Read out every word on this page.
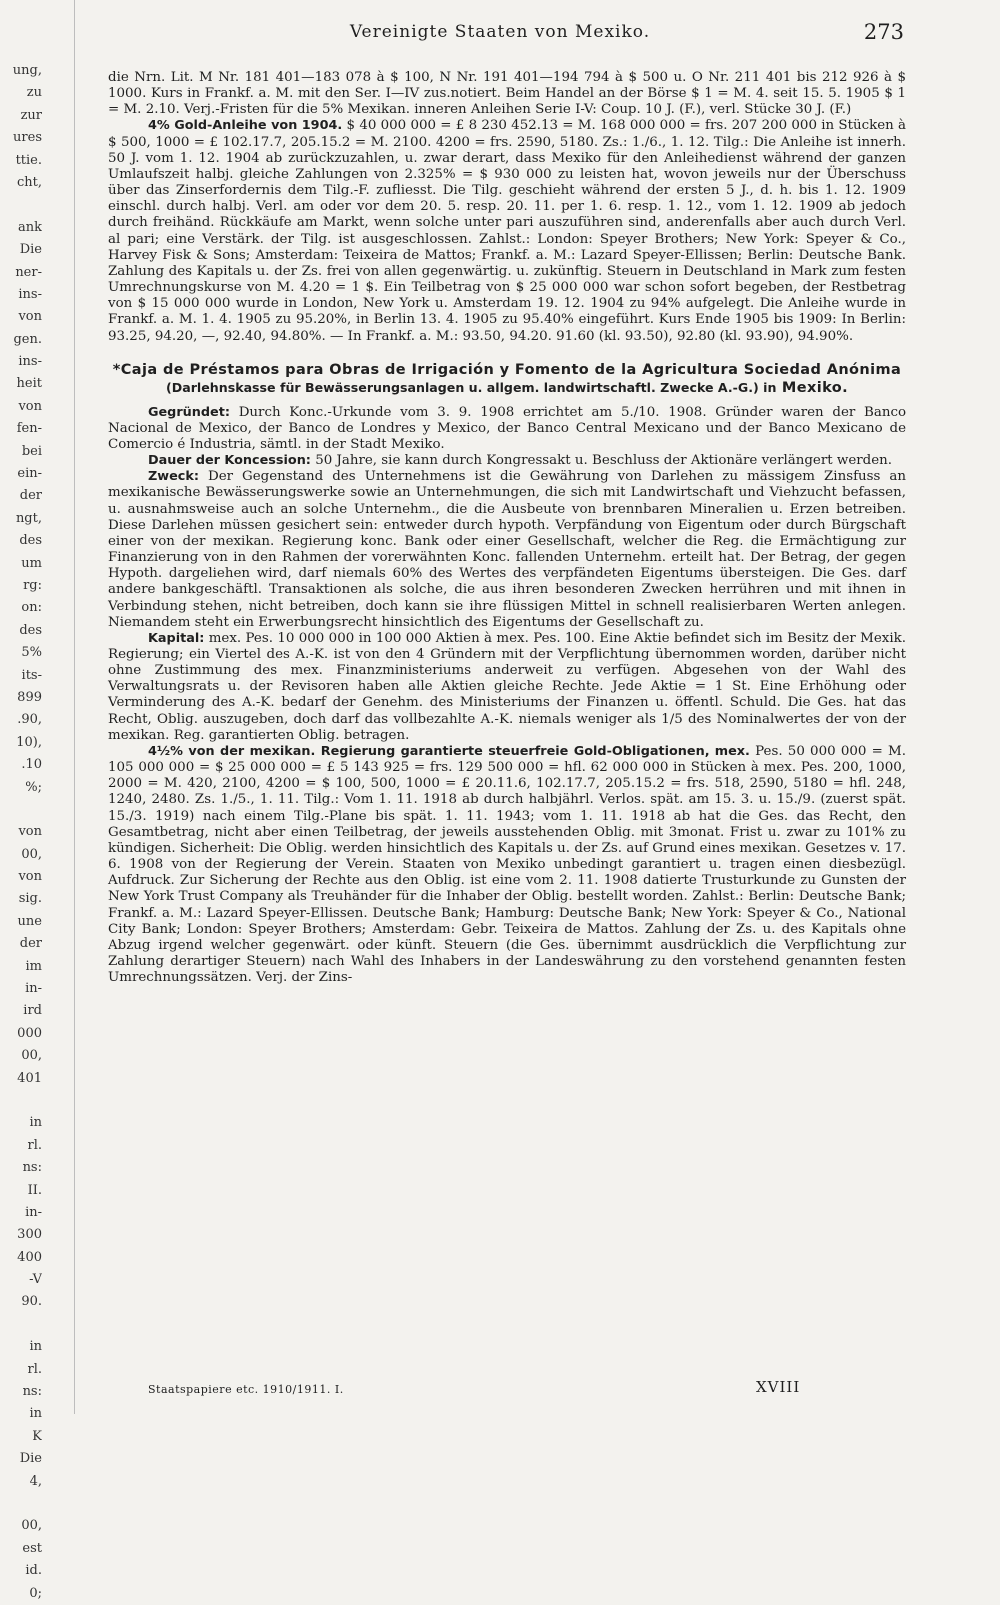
ung,
zu
zur
ures
ttie.
cht,
ank
Die
ner-
ins-
von
gen.
ins-
heit
von
fen-
bei
ein-
der
ngt,
des
um
rg:
on:
des
5%
its-
899
.90,
10),
.10
%;
von
00,
von
sig.
une
der
im
in-
ird
000
00,
401
in
rl.
ns:
II.
in-
300
400
-V
90.
in
rl.
ns:
in
K
Die
4,
00,
est
id.
0;
Vereinigte Staaten von Mexiko.	273

die Nrn. Lit. M Nr. 181 401—183 078 à $ 100, N Nr. 191 401—194 794 à $ 500 u. O Nr. 211 401 bis 212 926 à $ 1000. Kurs in Frankf. a. M. mit den Ser. I—IV zus.notiert. Beim Handel an der Börse $ 1 = M. 4. seit 15. 5. 1905 $ 1 = M. 2.10. Verj.-Fristen für die 5% Mexikan. inneren Anleihen Serie I-V: Coup. 10 J. (F.), verl. Stücke 30 J. (F.)

4% Gold-Anleihe von 1904. $ 40 000 000 = £ 8 230 452.13 = M. 168 000 000 = frs. 207 200 000 in Stücken à $ 500, 1000 = £ 102.17.7, 205.15.2 = M. 2100. 4200 = frs. 2590, 5180. Zs.: 1./6., 1. 12. Tilg.: Die Anleihe ist innerh. 50 J. vom 1. 12. 1904 ab zurückzuzahlen, u. zwar derart, dass Mexiko für den Anleihedienst während der ganzen Umlaufszeit halbj. gleiche Zahlungen von 2.325% = $ 930 000 zu leisten hat, wovon jeweils nur der Überschuss über das Zinserfordernis dem Tilg.-F. zufliesst. Die Tilg. geschieht während der ersten 5 J., d. h. bis 1. 12. 1909 einschl. durch halbj. Verl. am oder vor dem 20. 5. resp. 20. 11. per 1. 6. resp. 1. 12., vom 1. 12. 1909 ab jedoch durch freihänd. Rückkäufe am Markt, wenn solche unter pari auszuführen sind, anderenfalls aber auch durch Verl. al pari; eine Verstärk. der Tilg. ist ausgeschlossen. Zahlst.: London: Speyer Brothers; New York: Speyer & Co., Harvey Fisk & Sons; Amsterdam: Teixeira de Mattos; Frankf. a. M.: Lazard Speyer-Ellissen; Berlin: Deutsche Bank. Zahlung des Kapitals u. der Zs. frei von allen gegenwärtig. u. zukünftig. Steuern in Deutschland in Mark zum festen Umrechnungskurse von M. 4.20 = 1 $. Ein Teilbetrag von $ 25 000 000 war schon sofort begeben, der Restbetrag von $ 15 000 000 wurde in London, New York u. Amsterdam 19. 12. 1904 zu 94% aufgelegt. Die Anleihe wurde in Frankf. a. M. 1. 4. 1905 zu 95.20%, in Berlin 13. 4. 1905 zu 95.40% eingeführt. Kurs Ende 1905 bis 1909: In Berlin: 93.25, 94.20, —, 92.40, 94.80%. — In Frankf. a. M.: 93.50, 94.20. 91.60 (kl. 93.50), 92.80 (kl. 93.90), 94.90%.

*Caja de Préstamos para Obras de Irrigación y Fomento de la Agricultura Sociedad Anónima (Darlehnskasse für Bewässerungsanlagen u. allgem. landwirtschaftl. Zwecke A.-G.) in Mexiko.

Gegründet: Durch Konc.-Urkunde vom 3. 9. 1908 errichtet am 5./10. 1908. Gründer waren der Banco Nacional de Mexico, der Banco de Londres y Mexico, der Banco Central Mexicano und der Banco Mexicano de Comercio é Industria, sämtl. in der Stadt Mexiko.

Dauer der Koncession: 50 Jahre, sie kann durch Kongressakt u. Beschluss der Aktionäre verlängert werden.

Zweck: Der Gegenstand des Unternehmens ist die Gewährung von Darlehen zu mässigem Zinsfuss an mexikanische Bewässerungswerke sowie an Unternehmungen, die sich mit Landwirtschaft und Viehzucht befassen, u. ausnahmsweise auch an solche Unternehm., die die Ausbeute von brennbaren Mineralien u. Erzen betreiben. Diese Darlehen müssen gesichert sein: entweder durch hypoth. Verpfändung von Eigentum oder durch Bürgschaft einer von der mexikan. Regierung konc. Bank oder einer Gesellschaft, welcher die Reg. die Ermächtigung zur Finanzierung von in den Rahmen der vorerwähnten Konc. fallenden Unternehm. erteilt hat. Der Betrag, der gegen Hypoth. dargeliehen wird, darf niemals 60% des Wertes des verpfändeten Eigentums übersteigen. Die Ges. darf andere bankgeschäftl. Transaktionen als solche, die aus ihren besonderen Zwecken herrühren und mit ihnen in Verbindung stehen, nicht betreiben, doch kann sie ihre flüssigen Mittel in schnell realisierbaren Werten anlegen. Niemandem steht ein Erwerbungsrecht hinsichtlich des Eigentums der Gesellschaft zu.

Kapital: mex. Pes. 10 000 000 in 100 000 Aktien à mex. Pes. 100. Eine Aktie befindet sich im Besitz der Mexik. Regierung; ein Viertel des A.-K. ist von den 4 Gründern mit der Verpflichtung übernommen worden, darüber nicht ohne Zustimmung des mex. Finanzministeriums anderweit zu verfügen. Abgesehen von der Wahl des Verwaltungsrats u. der Revisoren haben alle Aktien gleiche Rechte. Jede Aktie = 1 St. Eine Erhöhung oder Verminderung des A.-K. bedarf der Genehm. des Ministeriums der Finanzen u. öffentl. Schuld. Die Ges. hat das Recht, Oblig. auszugeben, doch darf das vollbezahlte A.-K. niemals weniger als 1/5 des Nominalwertes der von der mexikan. Reg. garantierten Oblig. betragen.

4½% von der mexikan. Regierung garantierte steuerfreie Gold-Obligationen, mex. Pes. 50 000 000 = M. 105 000 000 = $ 25 000 000 = £ 5 143 925 = frs. 129 500 000 = hfl. 62 000 000 in Stücken à mex. Pes. 200, 1000, 2000 = M. 420, 2100, 4200 = $ 100, 500, 1000 = £ 20.11.6, 102.17.7, 205.15.2 = frs. 518, 2590, 5180 = hfl. 248, 1240, 2480. Zs. 1./5., 1. 11. Tilg.: Vom 1. 11. 1918 ab durch halbjährl. Verlos. spät. am 15. 3. u. 15./9. (zuerst spät. 15./3. 1919) nach einem Tilg.-Plane bis spät. 1. 11. 1943; vom 1. 11. 1918 ab hat die Ges. das Recht, den Gesamtbetrag, nicht aber einen Teilbetrag, der jeweils ausstehenden Oblig. mit 3monat. Frist u. zwar zu 101% zu kündigen. Sicherheit: Die Oblig. werden hinsichtlich des Kapitals u. der Zs. auf Grund eines mexikan. Gesetzes v. 17. 6. 1908 von der Regierung der Verein. Staaten von Mexiko unbedingt garantiert u. tragen einen diesbezügl. Aufdruck. Zur Sicherung der Rechte aus den Oblig. ist eine vom 2. 11. 1908 datierte Trusturkunde zu Gunsten der New York Trust Company als Treuhänder für die Inhaber der Oblig. bestellt worden. Zahlst.: Berlin: Deutsche Bank; Frankf. a. M.: Lazard Speyer-Ellissen. Deutsche Bank; Hamburg: Deutsche Bank; New York: Speyer & Co., National City Bank; London: Speyer Brothers; Amsterdam: Gebr. Teixeira de Mattos. Zahlung der Zs. u. des Kapitals ohne Abzug irgend welcher gegenwärt. oder künft. Steuern (die Ges. übernimmt ausdrücklich die Verpflichtung zur Zahlung derartiger Steuern) nach Wahl des Inhabers in der Landeswährung zu den vorstehend genannten festen Umrechnungssätzen. Verj. der Zins-

Staatspapiere etc. 1910/1911. I.	XVIII
